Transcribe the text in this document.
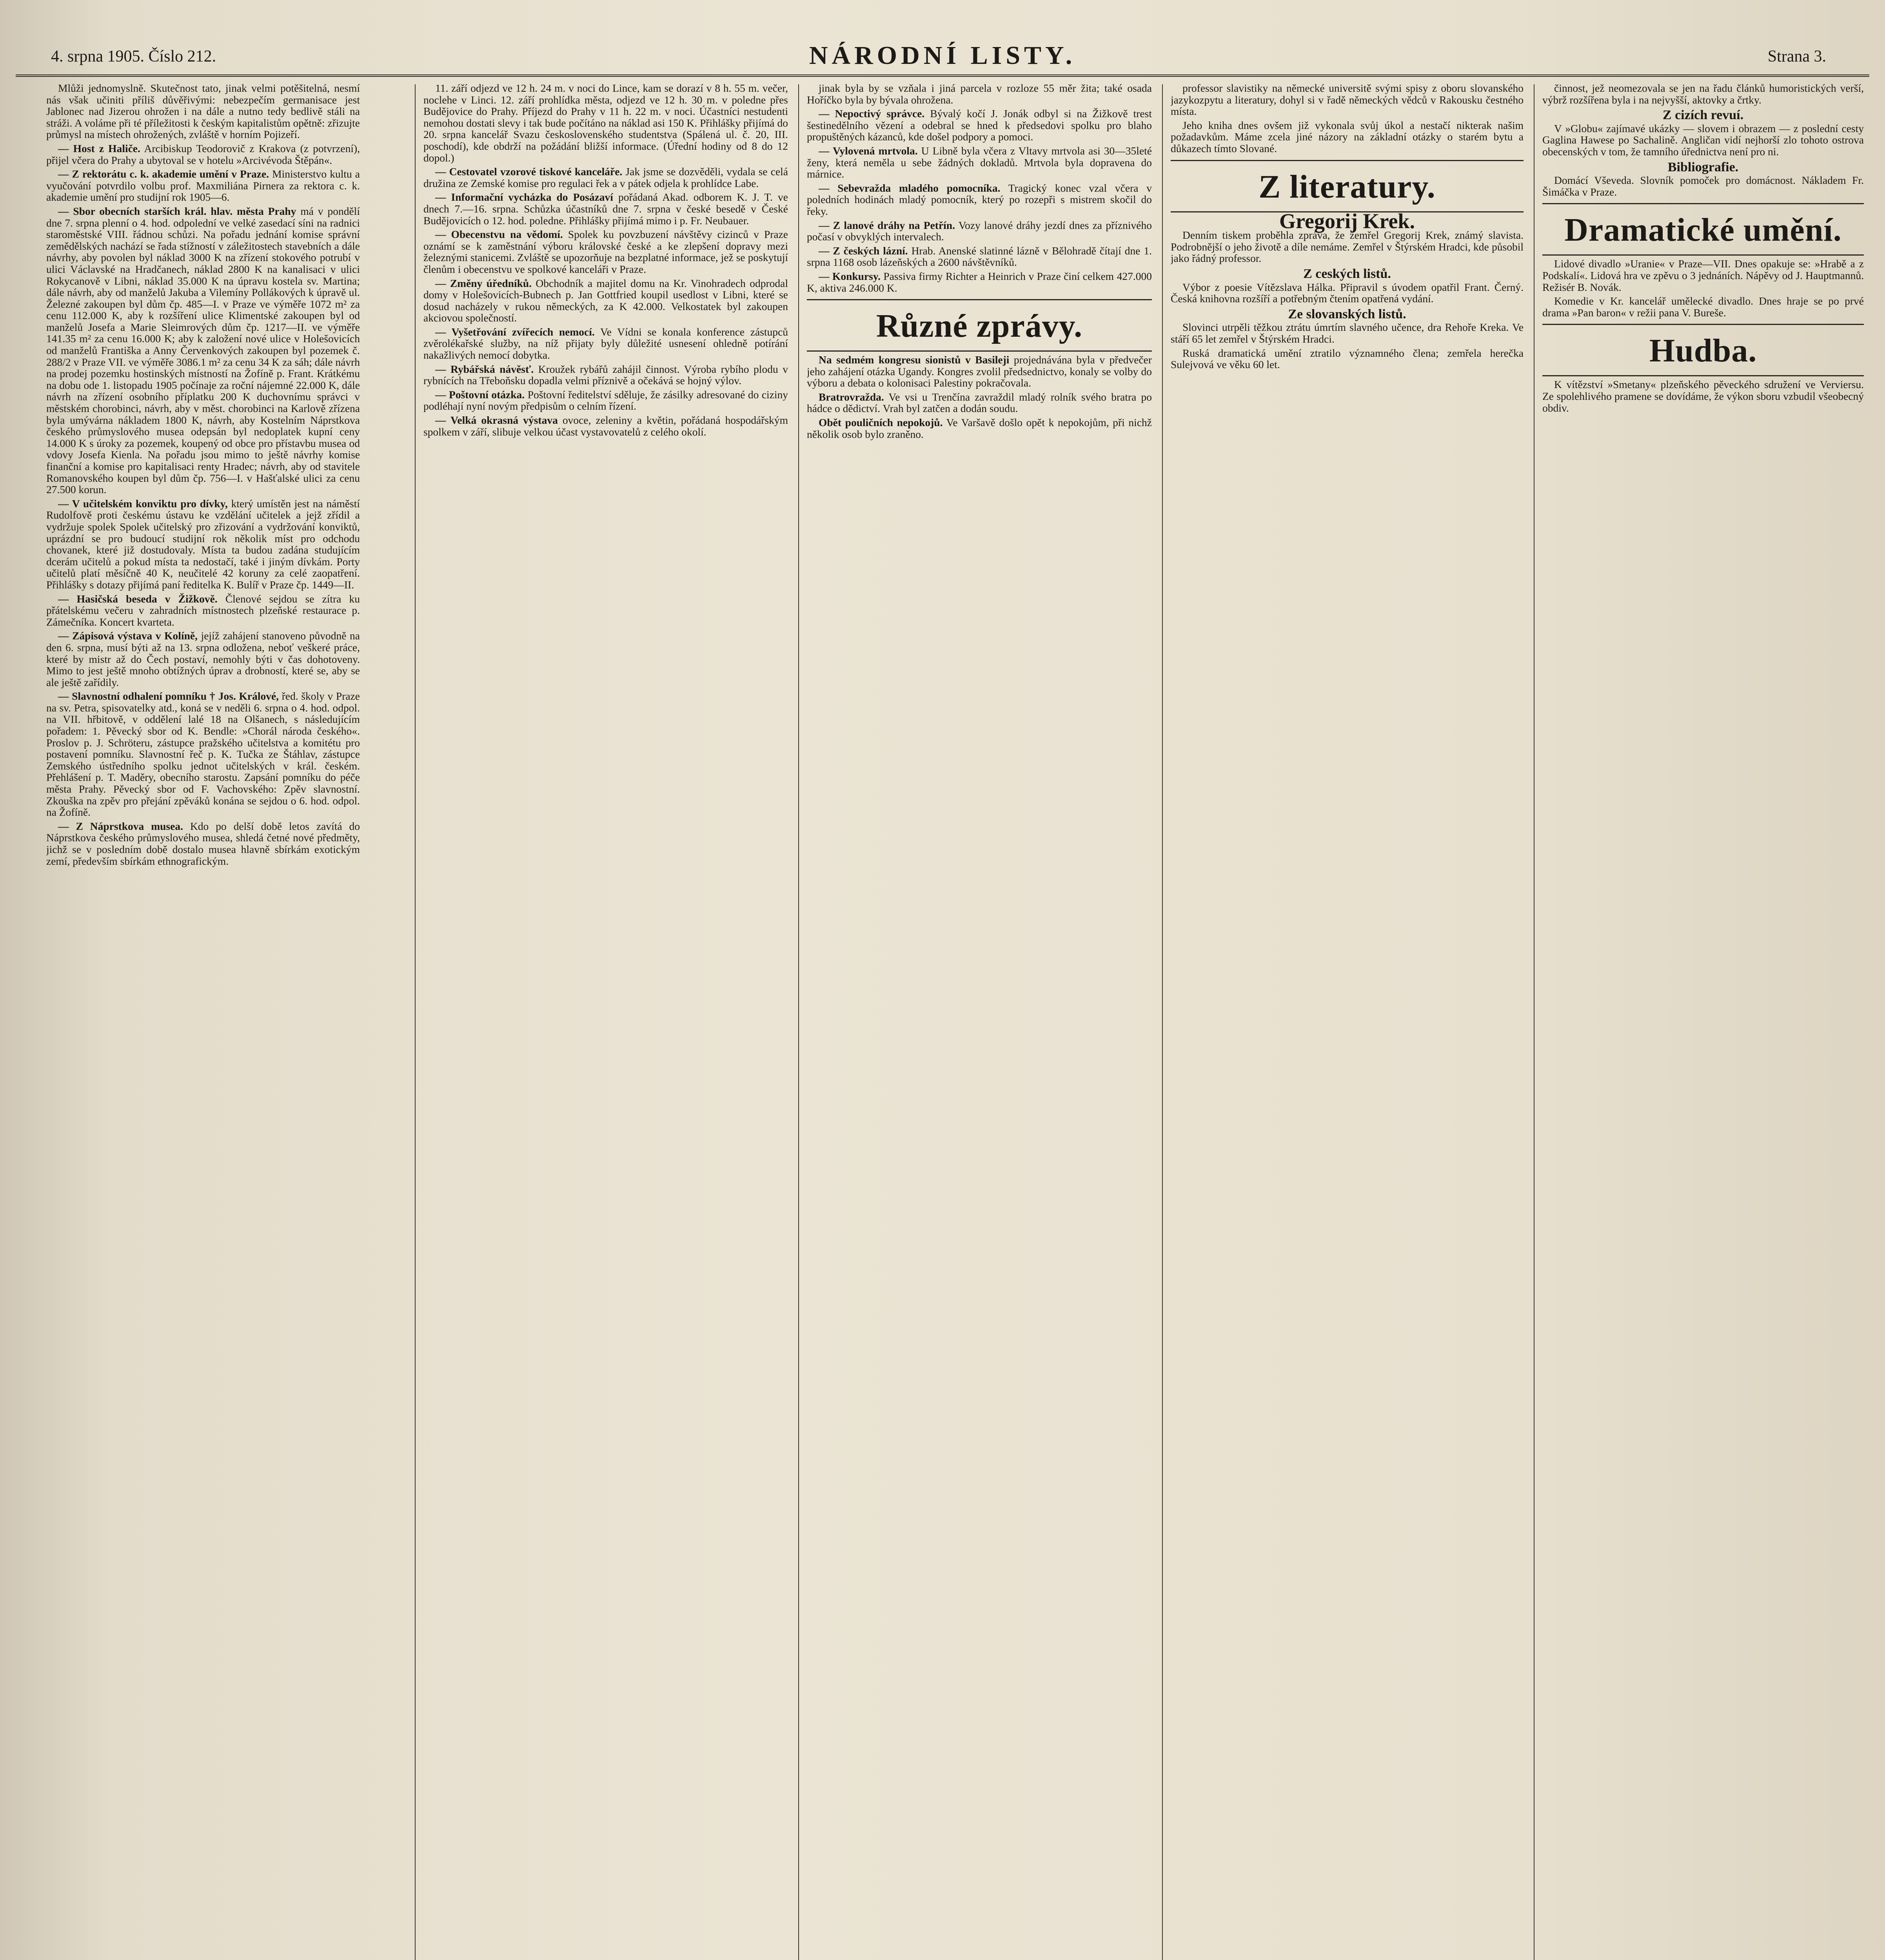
4. srpna 1905. Číslo 212.	NÁRODNÍ LISTY.	Strana 3.

Mlůži jednomyslně. Skutečnost tato, jinak velmi potěšitelná, nesmí nás však učiniti příliš důvěřivými: nebezpečím germanisace jest Jablonec nad Jizerou ohrožen i na dále a nutno tedy bedlivě stáli na stráži. A voláme při té příležitosti k českým kapitalistům opětně: zřizujte průmysl na místech ohrožených, zvláště v horním Pojizeří.

— Host z Haliče. Arcibiskup Teodorovič z Krakova (z potvrzení), přijel včera do Prahy a ubytoval se v hotelu »Arcivévoda Štěpán«.

— Z rektorátu c. k. akademie umění v Praze. Ministerstvo kultu a vyučování potvrdilo volbu prof. Maxmiliána Pirnera za rektora c. k. akademie umění pro studijní rok 1905—6.

— Sbor obecních starších král. hlav. města Prahy má v pondělí dne 7. srpna plenní o 4. hod. odpolední ve velké zasedací síni na radnici staroměstské VIII. řádnou schůzi. Na pořadu jednání komise správní zemědělských nachází se řada stížností v záležitostech stavebních a dále návrhy, aby povolen byl náklad 3000 K na zřízení stokového potrubí v ulici Václavské na Hradčanech, náklad 2800 K na kanalisaci v ulici Rokycanově v Libni, náklad 35.000 K na úpravu kostela sv. Martina; dále návrh, aby od manželů Jakuba a Vilemíny Pollákových k úpravě ul. Železné zakoupen byl dům čp. 485—I. v Praze ve výměře 1072 m² za cenu 112.000 K, aby k rozšíření ulice Klimentské zakoupen byl od manželů Josefa a Marie Sleimrových dům čp. 1217—II. ve výměře 141.35 m² za cenu 16.000 K; aby k založení nové ulice v Holešovicích od manželů Františka a Anny Červenkových zakoupen byl pozemek č. 288/2 v Praze VII. ve výměře 3086.1 m² za cenu 34 K za sáh; dále návrh na prodej pozemku hostinských místností na Žofíně p. Frant. Krátkému na dobu ode 1. listopadu 1905 počínaje za roční nájemné 22.000 K, dále návrh na zřízení osobního příplatku 200 K duchovnímu správci v městském chorobinci, návrh, aby v měst. chorobinci na Karlově zřízena byla umývárna nákladem 1800 K, návrh, aby Kostelním Náprstkova českého průmyslového musea odepsán byl nedoplatek kupní ceny 14.000 K s úroky za pozemek, koupený od obce pro přístavbu musea od vdovy Josefa Kienla. Na pořadu jsou mimo to ještě návrhy komise finanční a komise pro kapitalisaci renty Hradec; návrh, aby od stavitele Romanovského koupen byl dům čp. 756—I. v Hašťalské ulici za cenu 27.500 korun.

— V učitelském konviktu pro dívky, který umístěn jest na náměstí Rudolfově proti českému ústavu ke vzdělání učitelek a jejž zřídil a vydržuje spolek Spolek učitelský pro zřizování a vydržování konviktů, uprázdní se pro budoucí studijní rok několik míst pro odchodu chovanek, které již dostudovaly. Místa ta budou zadána studujícím dcerám učitelů a pokud místa ta nedostačí, také i jiným dívkám. Porty učitelů platí měsíčně 40 K, neučitelé 42 koruny za celé zaopatření. Přihlášky s dotazy přijímá paní ředitelka K. Bulíř v Praze čp. 1449—II.

— Hasičská beseda v Žižkově. Členové sejdou se zítra ku přátelskému večeru v zahradních místnostech plzeňské restaurace p. Zámečníka. Koncert kvarteta.

— Zápisová výstava v Kolíně, jejíž zahájení stanoveno původně na den 6. srpna, musí býti až na 13. srpna odložena, neboť veškeré práce, které by mistr až do Čech postaví, nemohly býti v čas dohotoveny. Mimo to jest ještě mnoho obtížných úprav a drobností, které se, aby se ale ještě zařídily.

— Slavnostní odhalení pomníku † Jos. Králové, řed. školy v Praze na sv. Petra, spisovatelky atd., koná se v neděli 6. srpna o 4. hod. odpol. na VII. hřbitově, v oddělení lalé 18 na Olšanech, s následujícím pořadem: 1. Pěvecký sbor od K. Bendle: »Chorál národa českého«. Proslov p. J. Schröteru, zástupce pražského učitelstva a komitétu pro postavení pomníku. Slavnostní řeč p. K. Tučka ze Štáhlav, zástupce Zemského ústředního spolku jednot učitelských v král. českém. Přehlášení p. T. Maděry, obecního starostu. Zapsání pomníku do péče města Prahy. Pěvecký sbor od F. Vachovského: Zpěv slavnostní. Zkouška na zpěv pro přejání zpěváků konána se sejdou o 6. hod. odpol. na Žofíně.

— Z Náprstkova musea. Kdo po delší době letos zavítá do Náprstkova českého průmyslového musea, shledá četné nové předměty, jichž se v posledním době dostalo musea hlavně sbírkám exotickým zemí, především sbírkám ethnografickým.

11. září odjezd ve 12 h. 24 m. v noci do Lince, kam se dorazí v 8 h. 55 m. večer, noclehe v Linci. 12. září prohlídka města, odjezd ve 12 h. 30 m. v poledne přes Budějovice do Prahy. Příjezd do Prahy v 11 h. 22 m. v noci. Účastníci nestudenti nemohou dostati slevy i tak bude počítáno na náklad asi 150 K. Přihlášky přijímá do 20. srpna kancelář Svazu československého studentstva (Spálená ul. č. 20, III. poschodí), kde obdrží na požádání bližší informace. (Úřední hodiny od 8 do 12 dopol.)

— Cestovatel vzorové tiskové kanceláře. Jak jsme se dozvěděli, vydala se celá družina ze Zemské komise pro regulaci řek a v pátek odjela k prohlídce Labe.

— Informační vycházka do Posázaví pořádaná Akad. odborem K. J. T. ve dnech 7.—16. srpna. Schůzka účastníků dne 7. srpna v české besedě v České Budějovicích o 12. hod. poledne. Přihlášky přijímá mimo i p. Fr. Neubauer.

— Obecenstvu na vědomí. Spolek ku povzbuzení návštěvy cizinců v Praze oznámí se k zaměstnání výboru královské české a ke zlepšení dopravy mezi železnými stanicemi. Zvláště se upozorňuje na bezplatné informace, jež se poskytují členům i obecenstvu ve spolkové kanceláři v Praze.

— Změny úředníků. Obchodník a majitel domu na Kr. Vinohradech odprodal domy v Holešovicích-Bubnech p. Jan Gottfried koupil usedlost v Libni, které se dosud nacházely v rukou německých, za K 42.000. Velkostatek byl zakoupen akciovou společností.

— Vyšetřování zvířecích nemocí. Ve Vídni se konala konference zástupců zvěrolékařské služby, na níž přijaty byly důležité usnesení ohledně potírání nakažlivých nemocí dobytka.

— Rybářská návěsť. Kroužek rybářů zahájil činnost. Výroba rybího plodu v rybnících na Třeboňsku dopadla velmi příznivě a očekává se hojný výlov.

— Poštovní otázka. Poštovní ředitelství sděluje, že zásilky adresované do ciziny podléhají nyní novým předpisům o celním řízení.

— Velká okrasná výstava ovoce, zeleniny a květin, pořádaná hospodářským spolkem v září, slibuje velkou účast vystavovatelů z celého okolí.

jinak byla by se vzňala i jiná parcela v rozloze 55 měr žita; také osada Hoříčko byla by bývala ohrožena.

— Nepoctivý správce. Bývalý kočí J. Jonák odbyl si na Žižkově trest šestinedělního vězení a odebral se hned k předsedovi spolku pro blaho propuštěných kázanců, kde došel podpory a pomoci.

— Vylovená mrtvola. U Libně byla včera z Vltavy mrtvola asi 30—35leté ženy, která neměla u sebe žádných dokladů. Mrtvola byla dopravena do márnice.

— Sebevražda mladého pomocníka. Tragický konec vzal včera v poledních hodinách mladý pomocník, který po rozepři s mistrem skočil do řeky.

— Z lanové dráhy na Petřín. Vozy lanové dráhy jezdí dnes za příznivého počasí v obvyklých intervalech.

— Z českých lázní. Hrab. Anenské slatinné lázně v Bělohradě čítají dne 1. srpna 1168 osob lázeňských a 2600 návštěvníků.

— Konkursy. Passiva firmy Richter a Heinrich v Praze činí celkem 427.000 K, aktiva 246.000 K.

Různé zprávy.

Na sedmém kongresu sionistů v Basileji projednávána byla v předvečer jeho zahájení otázka Ugandy. Kongres zvolil předsednictvo, konaly se volby do výboru a debata o kolonisaci Palestiny pokračovala.

Bratrovražda. Ve vsi u Trenčína zavraždil mladý rolník svého bratra po hádce o dědictví. Vrah byl zatčen a dodán soudu.

Obět pouličních nepokojů. Ve Varšavě došlo opět k nepokojům, při nichž několik osob bylo zraněno.

professor slavistiky na německé universitě svými spisy z oboru slovanského jazykozpytu a literatury, dohyl si v řadě německých vědců v Rakousku čestného místa.

Jeho kniha dnes ovšem již vykonala svůj úkol a nestačí nikterak našim požadavkům. Máme zcela jiné názory na základní otázky o starém bytu a důkazech tímto Slované.

Z literatury.
Gregorij Krek.

Denním tiskem proběhla zpráva, že zemřel Gregorij Krek, známý slavista. Podrobnější o jeho životě a díle nemáme. Zemřel v Štýrském Hradci, kde působil jako řádný professor.

Z ceských listů.

Výbor z poesie Vítězslava Hálka. Připravil s úvodem opatřil Frant. Černý. Česká knihovna rozšíří a potřebným čtením opatřená vydání.

Ze slovanských listů.

Slovinci utrpěli těžkou ztrátu úmrtím slavného učence, dra Rehoře Kreka. Ve stáří 65 let zemřel v Štýrském Hradci.

Ruská dramatická umění ztratilo významného člena; zemřela herečka Sulejvová ve věku 60 let.

činnost, jež neomezovala se jen na řadu článků humoristických verší, výbrž rozšířena byla i na nejvyšší, aktovky a črtky.

Z cizích revuí.

V »Globu« zajímavé ukázky — slovem i obrazem — z poslední cesty Gaglina Hawese po Sachalině. Angličan vidí nejhorší zlo tohoto ostrova obecenských v tom, že tamního úřednictva není pro ni.

Bibliografie.

Domácí Vševeda. Slovník pomoček pro domácnost. Nákladem Fr. Šimáčka v Praze.

Dramatické umění.

Lidové divadlo »Uranie« v Praze—VII. Dnes opakuje se: »Hrabě a z Podskalí«. Lidová hra ve zpěvu o 3 jednáních. Nápěvy od J. Hauptmannů. Režisér B. Novák.

Komedie v Kr. kancelář umělecké divadlo. Dnes hraje se po prvé drama »Pan baron« v režii pana V. Bureše.

Hudba.

K vítězství »Smetany« plzeňského pěveckého sdružení ve Verviersu. Ze spolehlivého pramene se dovídáme, že výkon sboru vzbudil všeobecný obdiv.
